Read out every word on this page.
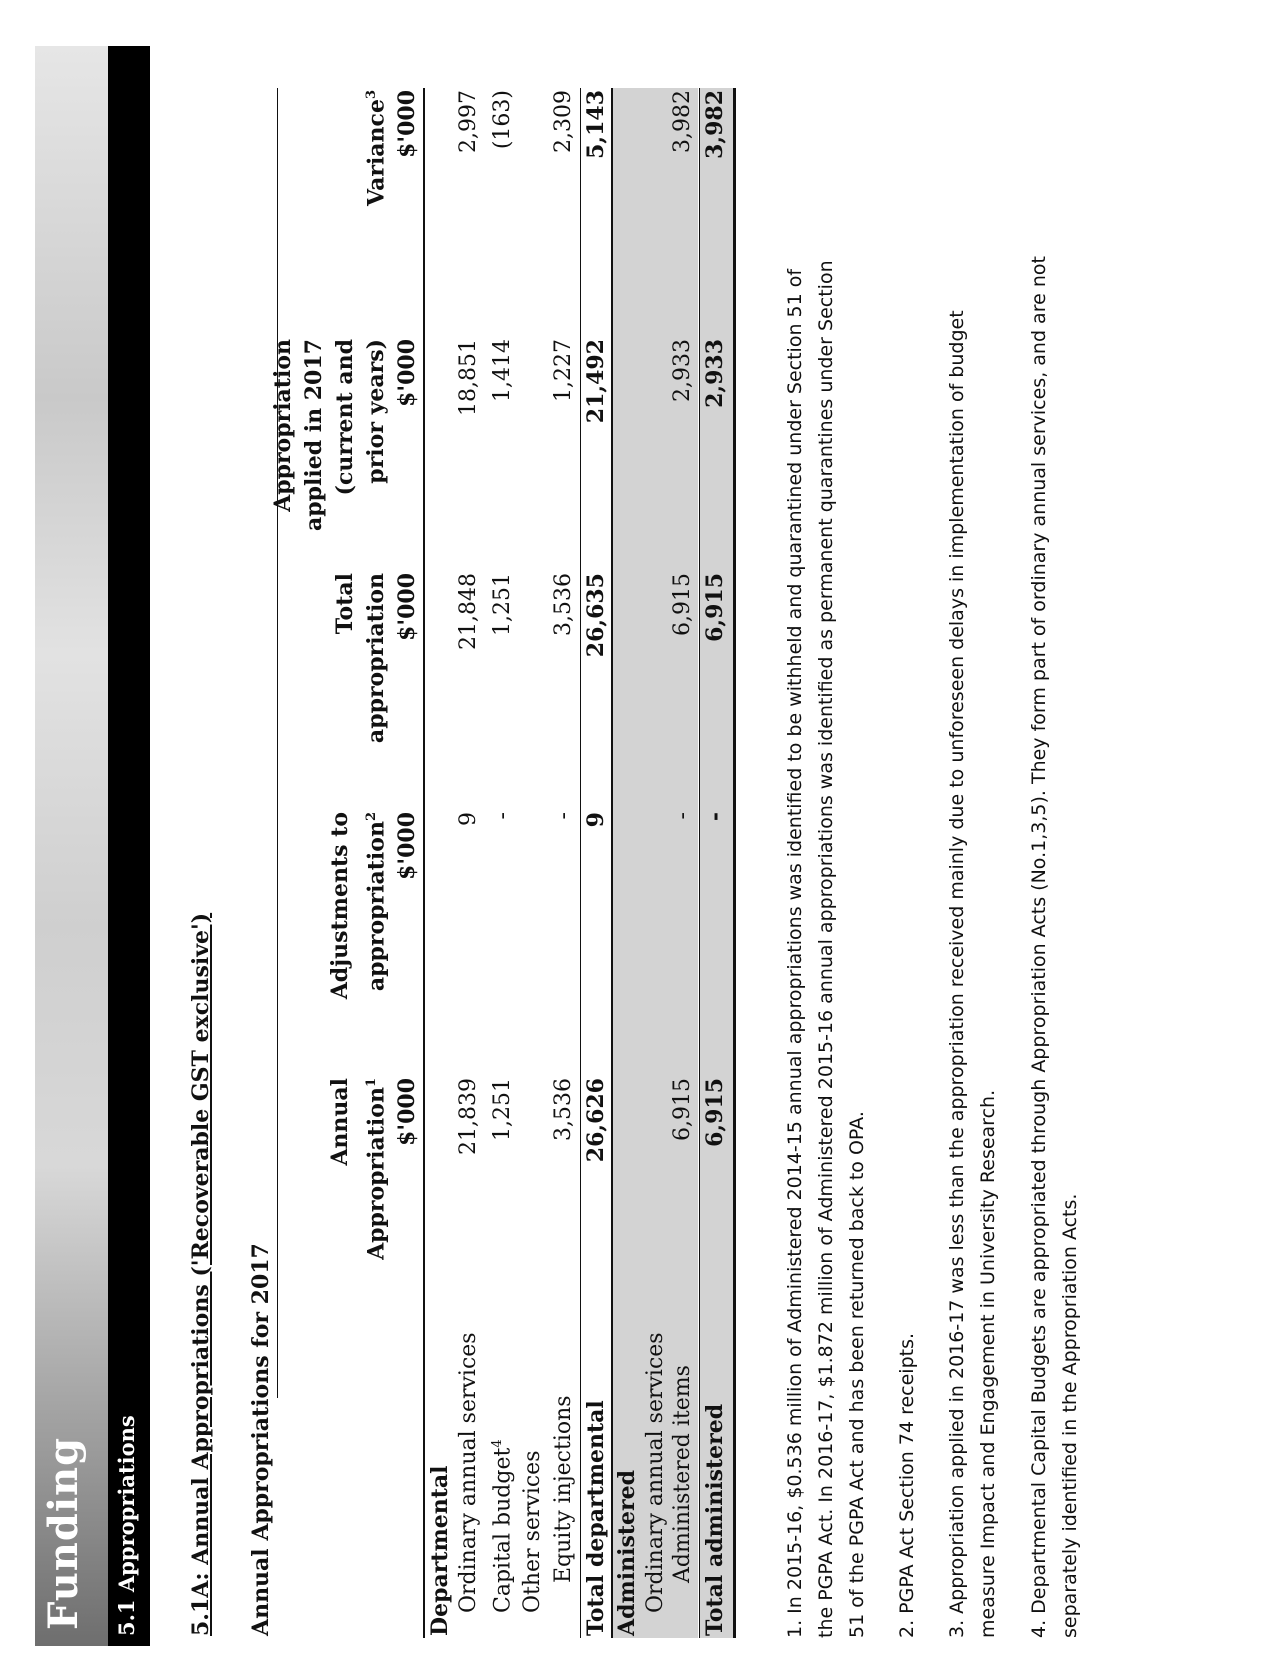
Funding 5.1 Appropriations 5.1A: Annual Appropriations ('Recoverable GST exclusive') Annual Appropriations for 2017
Annual Appropriation$^1$ $'000
Adjustments to appropriation$^2$ $'000
Total appropriation $'000
Appropriation applied in 2017 (current and prior years) $'000
Variance$^3$ $'000
Departmental Ordinary annual services
21,839
9
21,848
18,851
2,997
Capital budget$^4$
1,251
-
1,251
1,414
(163)
Other services Equity injections
3,536
-
3,536
1,227
2,309
Total departmental
26,626
9
26,635
21,492
5,143
Administered Ordinary annual services Administered items
6,915
-
6,915
2,933
3,982
Total administered
6,915
-
6,915
2,933
3,982
1. In 2015-16, $0.536 million of Administered 2014-15 annual appropriations was identified to be withheld and quarantined under Section 51 of the PGPA Act. In 2016-17, $1.872 million of Administered 2015-16 annual appropriations was identified as permanent quarantines under Section 51 of the PGPA Act and has been returned back to OPA. 2. PGPA Act Section 74 receipts. 3. Appropriation applied in 2016-17 was less than the appropriation received mainly due to unforeseen delays in implementation of budget measure Impact and Engagement in University Research. 4. Departmental Capital Budgets are appropriated through Appropriation Acts (No.1,3,5). They form part of ordinary annual services, and are not separately identified in the Appropriation Acts.
